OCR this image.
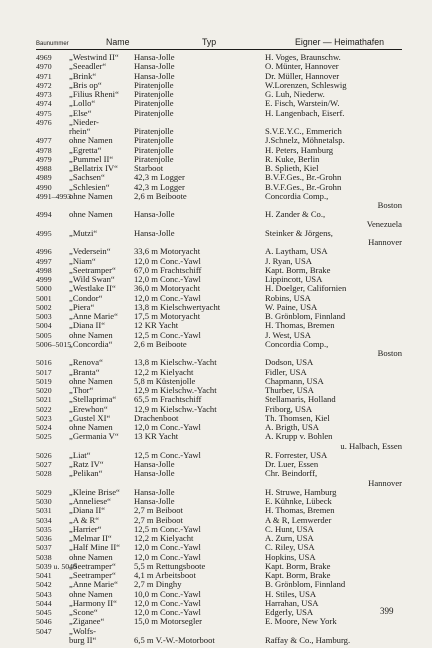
Baunummer	Name	Typ	Eigner — Heimathafen
4969 „Westwind II“ Hansa-Jolle	H. Voges, Braunschw.
4970 „Seeadler“	Hansa-Jolle	O. Münter, Hannover
4971 „Brink“	Hansa-Jolle	Dr. Müller, Hannover
4972 „Bris op“	Piratenjolle	W.Lorenzen, Schleswig
4973 „Filius Rheni“ Piratenjolle	G. Luh, Niederw.
4974 „Lollo“	Piratenjolle	E. Fisch, Warstein/W.
4975 „Else“	Piratenjolle	H. Langenbach, Eiserf.
4976 „Nieder-
rhein“	Piratenjolle	S.V.E.Y.C., Emmerich
4977 ohne Namen Piratenjolle	J.Schnelz, Möhnetalsp.
4978 „Egretta“	Piratenjolle	H. Peters, Hamburg
4979 „Pummel II“ Piratenjolle	R. Kuke, Berlin
4988 „Bellatrix IV“ Starboot	B. Splieth, Kiel
4989 „Sachsen“	42,3 m Logger	B.V.F.Ges., Br.-Grohn
4990 „Schlesien“	42,3 m Logger	B.V.F.Ges., Br.-Grohn
4991–4993
ohne Namen 2,6 m Beiboote	Concordia Comp.,
Boston
4994 ohne Namen Hansa-Jolle	H. Zander & Co.,
Venezuela
4995 „Mutzi“	Hansa-Jolle	Steinker & Jörgens,
Hannover
4996 „Vedersein“	33,6 m Motoryacht	A. Laytham, USA
4997 „Niam“	12,0 m Conc.-Yawl	J. Ryan, USA
4998 „Seetramper“ 67,0 m Frachtschiff	Kapt. Borm, Brake
4999 „Wild Swan“ 12,0 m Conc.-Yawl	Lippincott, USA
5000 „Westlake II“ 36,0 m Motoryacht	H. Doelger, Californien
5001 „Condor“	12,0 m Conc.-Yawl	Robins, USA
5002 „Piera“	13,8 m Kielschwertyacht	W. Paine, USA
5003 „Anne Marie“ 17,5 m Motoryacht	B. Grönblom, Finnland
5004 „Diana II“	12 KR Yacht	H. Thomas, Bremen
5005 ohne Namen 12,5 m Conc.-Yawl	J. West, USA
5006–5015
„Concordia“	2,6 m Beiboote	Concordia Comp.,
Boston
5016 „Renova“	13,8 m Kielschw.-Yacht	Dodson, USA
5017 „Branta“	12,2 m Kielyacht	Fidler, USA
5019 ohne Namen 5,8 m Küstenjolle	Chapmann, USA
5020 „Thor“	12,9 m Kielschw.-Yacht	Thurber, USA
5021 „Stellaprima“ 65,5 m Frachtschiff	Stellamaris, Holland
5022 „Erewhon“	12,9 m Kielschw.-Yacht	Friborg, USA
5023 „Gustel XI“	Drachenboot	Th. Thomsen, Kiel
5024 ohne Namen 12,0 m Conc.-Yawl	A. Brigth, USA
5025 „Germania V“ 13 KR Yacht	A. Krupp v. Bohlen
u. Halbach, Essen
5026 „Liat“	12,5 m Conc.-Yawl	R. Forrester, USA
5027 „Ratz IV“	Hansa-Jolle	Dr. Luer, Essen
5028 „Pelikan“	Hansa-Jolle	Chr. Beindorff,
Hannover
5029 „Kleine Brise“ Hansa-Jolle	H. Struwe, Hamburg
5030 „Anneliese“	Hansa-Jolle	E. Kühnke, Lübeck
5031 „Diana II“	2,7 m Beiboot	H. Thomas, Bremen
5034 „A & R“	2,7 m Beiboot	A & R, Lemwerder
5035 „Harrier“	12,5 m Conc.-Yawl	C. Hunt, USA
5036 „Melmar II“	12,2 m Kielyacht	A. Zurn, USA
5037 „Half Mine II“ 12,0 m Conc.-Yawl	C. Riley, USA
5038 ohne Namen 12,0 m Conc.-Yawl	Hopkins, USA
5039 u. 5040
„Seetramper“ 5,5 m Rettungsboote	Kapt. Borm, Brake
5041 „Seetramper“ 4,1 m Arbeitsboot	Kapt. Borm, Brake
5042 „Anne Marie“ 2,7 m Dinghy	B. Grönblom, Finnland
5043 ohne Namen 10,0 m Conc.-Yawl	H. Stiles, USA
5044 „Harmony II“ 12,0 m Conc.-Yawl	Harrahan, USA
5045 „Scone“	12,0 m Conc.-Yawl	Edgerly, USA
5046 „Ziganee“	15,0 m Motorsegler	E. Moore, New York
5047 „Wolfs-
burg II“	6,5 m V.-W.-Motorboot	Raffay & Co., Hamburg.
399
